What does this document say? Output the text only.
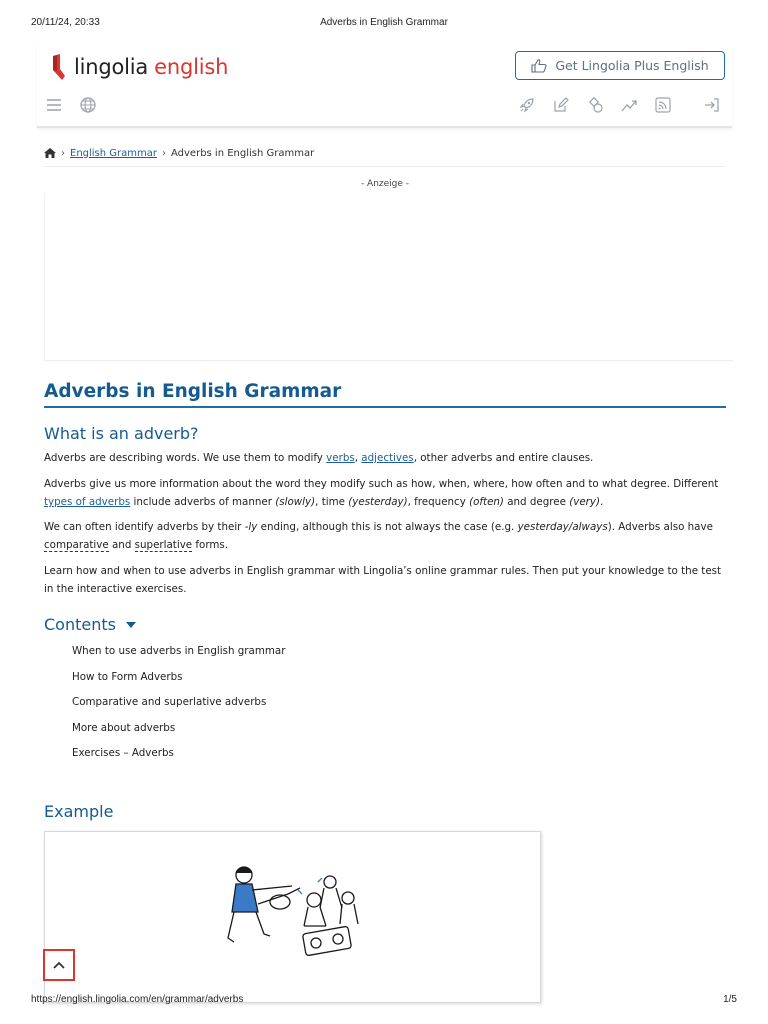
20/11/24, 20:33	Adverbs in English Grammar
lingolia english	Get Lingolia Plus English
› English Grammar › Adverbs in English Grammar
- Anzeige -
Adverbs in English Grammar
What is an adverb?
Adverbs are describing words. We use them to modify verbs, adjectives, other adverbs and entire clauses.
Adverbs give us more information about the word they modify such as how, when, where, how often and to what degree. Different types of adverbs include adverbs of manner (slowly), time (yesterday), frequency (often) and degree (very).
We can often identify adverbs by their -ly ending, although this is not always the case (e.g. yesterday/always). Adverbs also have comparative and superlative forms.
Learn how and when to use adverbs in English grammar with Lingolia’s online grammar rules. Then put your knowledge to the test in the interactive exercises.
Contents
When to use adverbs in English grammar
How to Form Adverbs
Comparative and superlative adverbs
More about adverbs
Exercises – Adverbs
Example
https://english.lingolia.com/en/grammar/adverbs	1/5
